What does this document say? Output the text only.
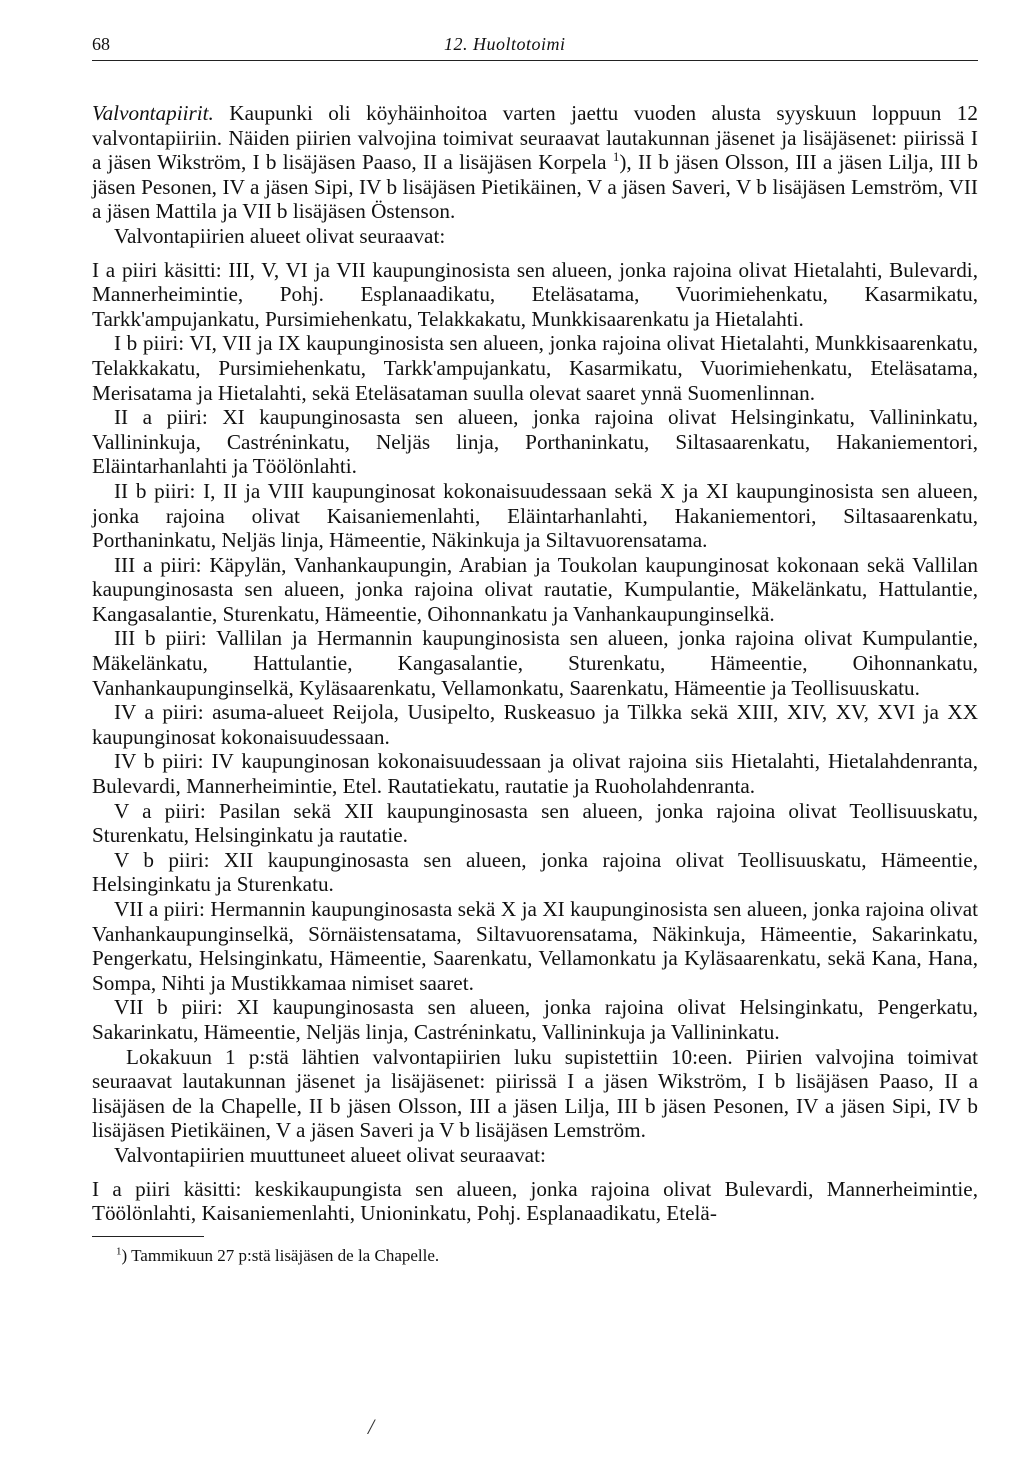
68	12. Huoltotoimi

Valvontapiirit. Kaupunki oli köyhäinhoitoa varten jaettu vuoden alusta syyskuun loppuun 12 valvontapiiriin. Näiden piirien valvojina toimivat seuraavat lautakunnan jäsenet ja lisäjäsenet: piirissä I a jäsen Wikström, I b lisäjäsen Paaso, II a lisäjäsen Korpela $^1$), II b jäsen Olsson, III a jäsen Lilja, III b jäsen Pesonen, IV a jäsen Sipi, IV b lisäjäsen Pietikäinen, V a jäsen Saveri, V b lisäjäsen Lemström, VII a jäsen Mattila ja VII b lisäjäsen Östenson.

Valvontapiirien alueet olivat seuraavat:

I a piiri käsitti: III, V, VI ja VII kaupunginosista sen alueen, jonka rajoina olivat Hietalahti, Bulevardi, Mannerheimintie, Pohj. Esplanaadikatu, Eteläsatama, Vuorimiehenkatu, Kasarmikatu, Tarkk'ampujankatu, Pursimiehenkatu, Telakkakatu, Munkkisaarenkatu ja Hietalahti.

I b piiri: VI, VII ja IX kaupunginosista sen alueen, jonka rajoina olivat Hietalahti, Munkkisaarenkatu, Telakkakatu, Pursimiehenkatu, Tarkk'ampujankatu, Kasarmikatu, Vuorimiehenkatu, Eteläsatama, Merisatama ja Hietalahti, sekä Eteläsataman suulla olevat saaret ynnä Suomenlinnan.

II a piiri: XI kaupunginosasta sen alueen, jonka rajoina olivat Helsinginkatu, Vallininkatu, Vallininkuja, Castréninkatu, Neljäs linja, Porthaninkatu, Siltasaarenkatu, Hakaniementori, Eläintarhanlahti ja Töölönlahti.

II b piiri: I, II ja VIII kaupunginosat kokonaisuudessaan sekä X ja XI kaupunginosista sen alueen, jonka rajoina olivat Kaisaniemenlahti, Eläintarhanlahti, Hakaniementori, Siltasaarenkatu, Porthaninkatu, Neljäs linja, Hämeentie, Näkinkuja ja Siltavuorensatama.

III a piiri: Käpylän, Vanhankaupungin, Arabian ja Toukolan kaupunginosat kokonaan sekä Vallilan kaupunginosasta sen alueen, jonka rajoina olivat rautatie, Kumpulantie, Mäkelänkatu, Hattulantie, Kangasalantie, Sturenkatu, Hämeentie, Oihonnankatu ja Vanhankaupunginselkä.

III b piiri: Vallilan ja Hermannin kaupunginosista sen alueen, jonka rajoina olivat Kumpulantie, Mäkelänkatu, Hattulantie, Kangasalantie, Sturenkatu, Hämeentie, Oihonnankatu, Vanhankaupunginselkä, Kyläsaarenkatu, Vellamonkatu, Saarenkatu, Hämeentie ja Teollisuuskatu.

IV a piiri: asuma-alueet Reijola, Uusipelto, Ruskeasuo ja Tilkka sekä XIII, XIV, XV, XVI ja XX kaupunginosat kokonaisuudessaan.

IV b piiri: IV kaupunginosan kokonaisuudessaan ja olivat rajoina siis Hietalahti, Hietalahdenranta, Bulevardi, Mannerheimintie, Etel. Rautatiekatu, rautatie ja Ruoholahdenranta.

V a piiri: Pasilan sekä XII kaupunginosasta sen alueen, jonka rajoina olivat Teollisuuskatu, Sturenkatu, Helsinginkatu ja rautatie.

V b piiri: XII kaupunginosasta sen alueen, jonka rajoina olivat Teollisuuskatu, Hämeentie, Helsinginkatu ja Sturenkatu.

VII a piiri: Hermannin kaupunginosasta sekä X ja XI kaupunginosista sen alueen, jonka rajoina olivat Vanhankaupunginselkä, Sörnäistensatama, Siltavuorensatama, Näkinkuja, Hämeentie, Sakarinkatu, Pengerkatu, Helsinginkatu, Hämeentie, Saarenkatu, Vellamonkatu ja Kyläsaarenkatu, sekä Kana, Hana, Sompa, Nihti ja Mustikkamaa nimiset saaret.

VII b piiri: XI kaupunginosasta sen alueen, jonka rajoina olivat Helsinginkatu, Pengerkatu, Sakarinkatu, Hämeentie, Neljäs linja, Castréninkatu, Vallininkuja ja Vallininkatu.

Lokakuun 1 p:stä lähtien valvontapiirien luku supistettiin 10:een. Piirien valvojina toimivat seuraavat lautakunnan jäsenet ja lisäjäsenet: piirissä I a jäsen Wikström, I b lisäjäsen Paaso, II a lisäjäsen de la Chapelle, II b jäsen Olsson, III a jäsen Lilja, III b jäsen Pesonen, IV a jäsen Sipi, IV b lisäjäsen Pietikäinen, V a jäsen Saveri ja V b lisäjäsen Lemström.

Valvontapiirien muuttuneet alueet olivat seuraavat:

I a piiri käsitti: keskikaupungista sen alueen, jonka rajoina olivat Bulevardi, Mannerheimintie, Töölönlahti, Kaisaniemenlahti, Unioninkatu, Pohj. Esplanaadikatu, Etelä-

$^1$) Tammikuun 27 p:stä lisäjäsen de la Chapelle.
/
